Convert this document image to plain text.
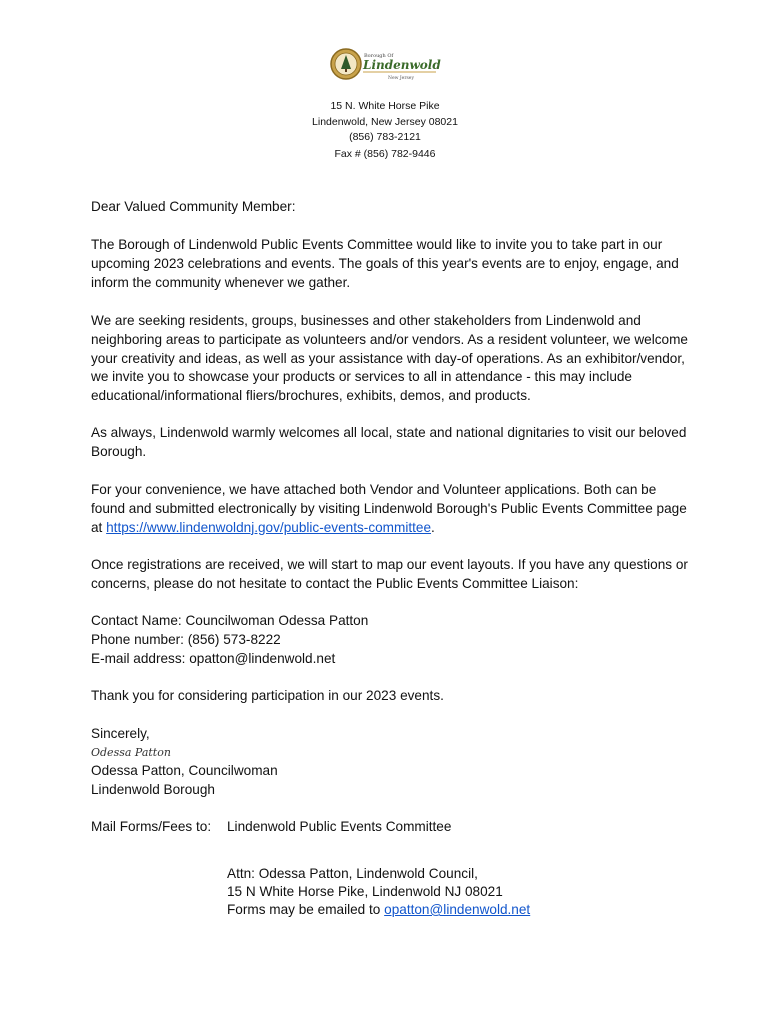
Borough Of
Lindenwold
New Jersey
15 N. White Horse Pike
Lindenwold, New Jersey 08021
(856) 783-2121
Fax # (856) 782-9446

Dear Valued Community Member:

The Borough of Lindenwold Public Events Committee would like to invite you to take part in our upcoming 2023 celebrations and events. The goals of this year's events are to enjoy, engage, and inform the community whenever we gather.

We are seeking residents, groups, businesses and other stakeholders from Lindenwold and neighboring areas to participate as volunteers and/or vendors. As a resident volunteer, we welcome your creativity and ideas, as well as your assistance with day-of operations. As an exhibitor/vendor, we invite you to showcase your products or services to all in attendance - this may include educational/informational fliers/brochures, exhibits, demos, and products.

As always, Lindenwold warmly welcomes all local, state and national dignitaries to visit our beloved Borough.

For your convenience, we have attached both Vendor and Volunteer applications. Both can be found and submitted electronically by visiting Lindenwold Borough's Public Events Committee page at https://www.lindenwoldnj.gov/public-events-committee.

Once registrations are received, we will start to map our event layouts. If you have any questions or concerns, please do not hesitate to contact the Public Events Committee Liaison:

Contact Name: Councilwoman Odessa Patton

Phone number: (856) 573-8222

E-mail address: opatton@lindenwold.net

Thank you for considering participation in our 2023 events.

Sincerely,

Odessa Patton

Odessa Patton, Councilwoman

Lindenwold Borough

Mail Forms/Fees to: Lindenwold Public Events Committee

Attn: Odessa Patton, Lindenwold Council,

15 N White Horse Pike, Lindenwold NJ 08021

Forms may be emailed to opatton@lindenwold.net
